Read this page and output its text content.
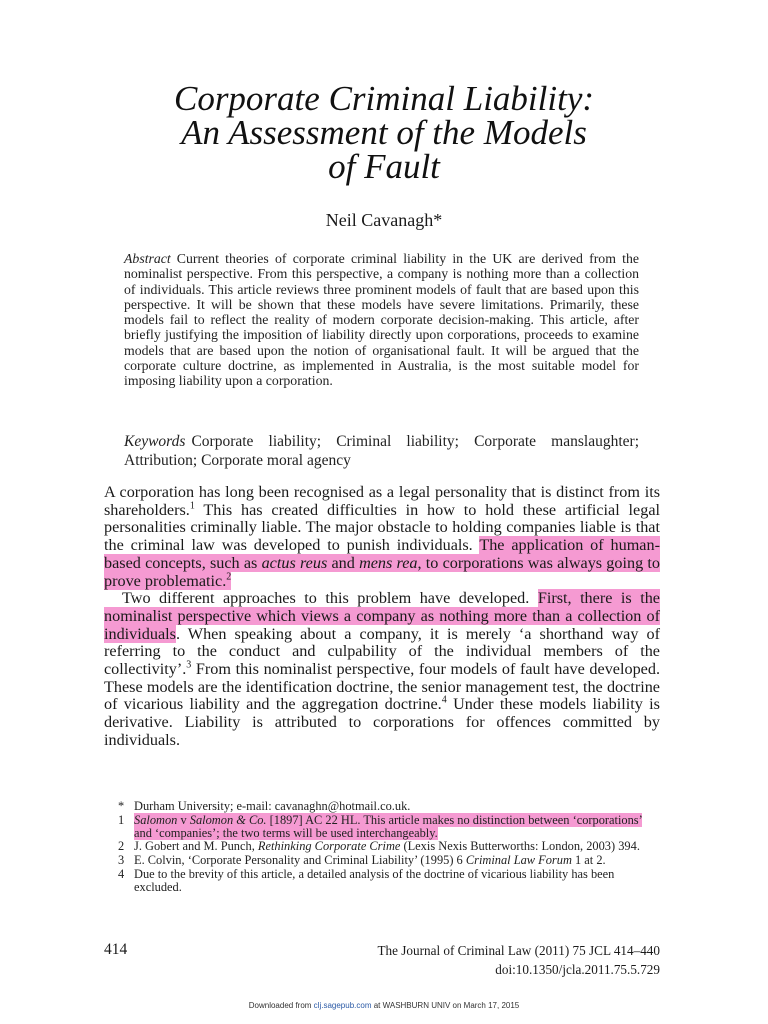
Corporate Criminal Liability:
An Assessment of the Models
of Fault
Neil Cavanagh*
Abstract Current theories of corporate criminal liability in the UK are derived from the nominalist perspective. From this perspective, a company is nothing more than a collection of individuals. This article reviews three prominent models of fault that are based upon this perspective. It will be shown that these models have severe limitations. Primarily, these models fail to reflect the reality of modern corporate decision-making. This article, after briefly justifying the imposition of liability directly upon corporations, proceeds to examine models that are based upon the notion of organisational fault. It will be argued that the corporate culture doctrine, as implemented in Australia, is the most suitable model for imposing liability upon a corporation.
Keywords Corporate liability; Criminal liability; Corporate manslaughter; Attribution; Corporate moral agency

A corporation has long been recognised as a legal personality that is distinct from its shareholders.$^1$ This has created difficulties in how to hold these artificial legal personalities criminally liable. The major obstacle to holding companies liable is that the criminal law was developed to punish individuals. The application of human-based concepts, such as actus reus and mens rea, to corporations was always going to prove problematic.$^2$

Two different approaches to this problem have developed. First, there is the nominalist perspective which views a company as nothing more than a collection of individuals. When speaking about a company, it is merely ‘a shorthand way of referring to the conduct and culpability of the individual members of the collectivity’.$^3$ From this nominalist perspective, four models of fault have developed. These models are the identification doctrine, the senior management test, the doctrine of vicarious liability and the aggregation doctrine.$^4$ Under these models liability is derivative. Liability is attributed to corporations for offences committed by individuals.

* Durham University; e-mail: cavanaghn@hotmail.co.uk.
1 Salomon v Salomon & Co. [1897] AC 22 HL. This article makes no distinction between ‘corporations’ and ‘companies’; the two terms will be used interchangeably.
2 J. Gobert and M. Punch, Rethinking Corporate Crime (Lexis Nexis Butterworths: London, 2003) 394.
3 E. Colvin, ‘Corporate Personality and Criminal Liability’ (1995) 6 Criminal Law Forum 1 at 2.
4 Due to the brevity of this article, a detailed analysis of the doctrine of vicarious liability has been excluded.
414	The Journal of Criminal Law (2011) 75 JCL 414–440
doi:10.1350/jcla.2011.75.5.729
Downloaded from clj.sagepub.com at WASHBURN UNIV on March 17, 2015
